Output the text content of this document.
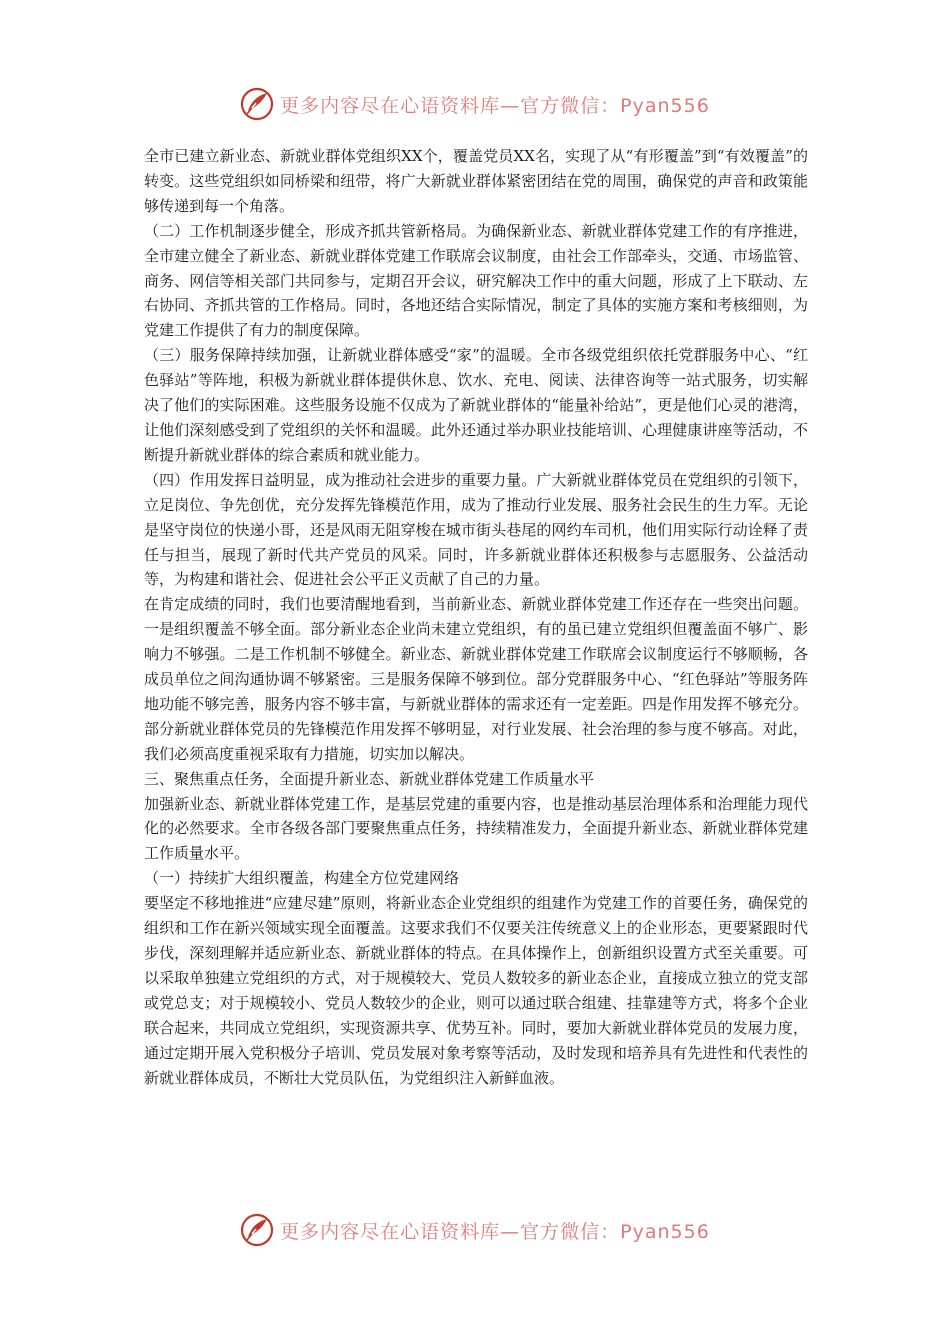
更多内容尽在心语资料库—官方微信：Pyan556

全市已建立新业态、新就业群体党组织XX个，覆盖党员XX名，实现了从“有形覆盖”到“有效覆盖”的转变。这些党组织如同桥梁和纽带，将广大新就业群体紧密团结在党的周围，确保党的声音和政策能够传递到每一个角落。

（二）工作机制逐步健全，形成齐抓共管新格局。为确保新业态、新就业群体党建工作的有序推进，全市建立健全了新业态、新就业群体党建工作联席会议制度，由社会工作部牵头，交通、市场监管、商务、网信等相关部门共同参与，定期召开会议，研究解决工作中的重大问题，形成了上下联动、左右协同、齐抓共管的工作格局。同时，各地还结合实际情况，制定了具体的实施方案和考核细则，为党建工作提供了有力的制度保障。

（三）服务保障持续加强，让新就业群体感受“家”的温暖。全市各级党组织依托党群服务中心、“红色驿站”等阵地，积极为新就业群体提供休息、饮水、充电、阅读、法律咨询等一站式服务，切实解决了他们的实际困难。这些服务设施不仅成为了新就业群体的“能量补给站”，更是他们心灵的港湾，让他们深刻感受到了党组织的关怀和温暖。此外还通过举办职业技能培训、心理健康讲座等活动，不断提升新就业群体的综合素质和就业能力。

（四）作用发挥日益明显，成为推动社会进步的重要力量。广大新就业群体党员在党组织的引领下，立足岗位、争先创优，充分发挥先锋模范作用，成为了推动行业发展、服务社会民生的生力军。无论是坚守岗位的快递小哥，还是风雨无阻穿梭在城市街头巷尾的网约车司机，他们用实际行动诠释了责任与担当，展现了新时代共产党员的风采。同时，许多新就业群体还积极参与志愿服务、公益活动等，为构建和谐社会、促进社会公平正义贡献了自己的力量。

在肯定成绩的同时，我们也要清醒地看到，当前新业态、新就业群体党建工作还存在一些突出问题。一是组织覆盖不够全面。部分新业态企业尚未建立党组织，有的虽已建立党组织但覆盖面不够广、影响力不够强。二是工作机制不够健全。新业态、新就业群体党建工作联席会议制度运行不够顺畅，各成员单位之间沟通协调不够紧密。三是服务保障不够到位。部分党群服务中心、“红色驿站”等服务阵地功能不够完善，服务内容不够丰富，与新就业群体的需求还有一定差距。四是作用发挥不够充分。部分新就业群体党员的先锋模范作用发挥不够明显，对行业发展、社会治理的参与度不够高。对此，我们必须高度重视采取有力措施，切实加以解决。

三、聚焦重点任务，全面提升新业态、新就业群体党建工作质量水平

加强新业态、新就业群体党建工作，是基层党建的重要内容，也是推动基层治理体系和治理能力现代化的必然要求。全市各级各部门要聚焦重点任务，持续精准发力，全面提升新业态、新就业群体党建工作质量水平。

（一）持续扩大组织覆盖，构建全方位党建网络

要坚定不移地推进“应建尽建”原则，将新业态企业党组织的组建作为党建工作的首要任务，确保党的组织和工作在新兴领域实现全面覆盖。这要求我们不仅要关注传统意义上的企业形态，更要紧跟时代步伐，深刻理解并适应新业态、新就业群体的特点。在具体操作上，创新组织设置方式至关重要。可以采取单独建立党组织的方式，对于规模较大、党员人数较多的新业态企业，直接成立独立的党支部或党总支；对于规模较小、党员人数较少的企业，则可以通过联合组建、挂靠建等方式，将多个企业联合起来，共同成立党组织，实现资源共享、优势互补。同时，要加大新就业群体党员的发展力度，通过定期开展入党积极分子培训、党员发展对象考察等活动，及时发现和培养具有先进性和代表性的新就业群体成员，不断壮大党员队伍，为党组织注入新鲜血液。

更多内容尽在心语资料库—官方微信：Pyan556
